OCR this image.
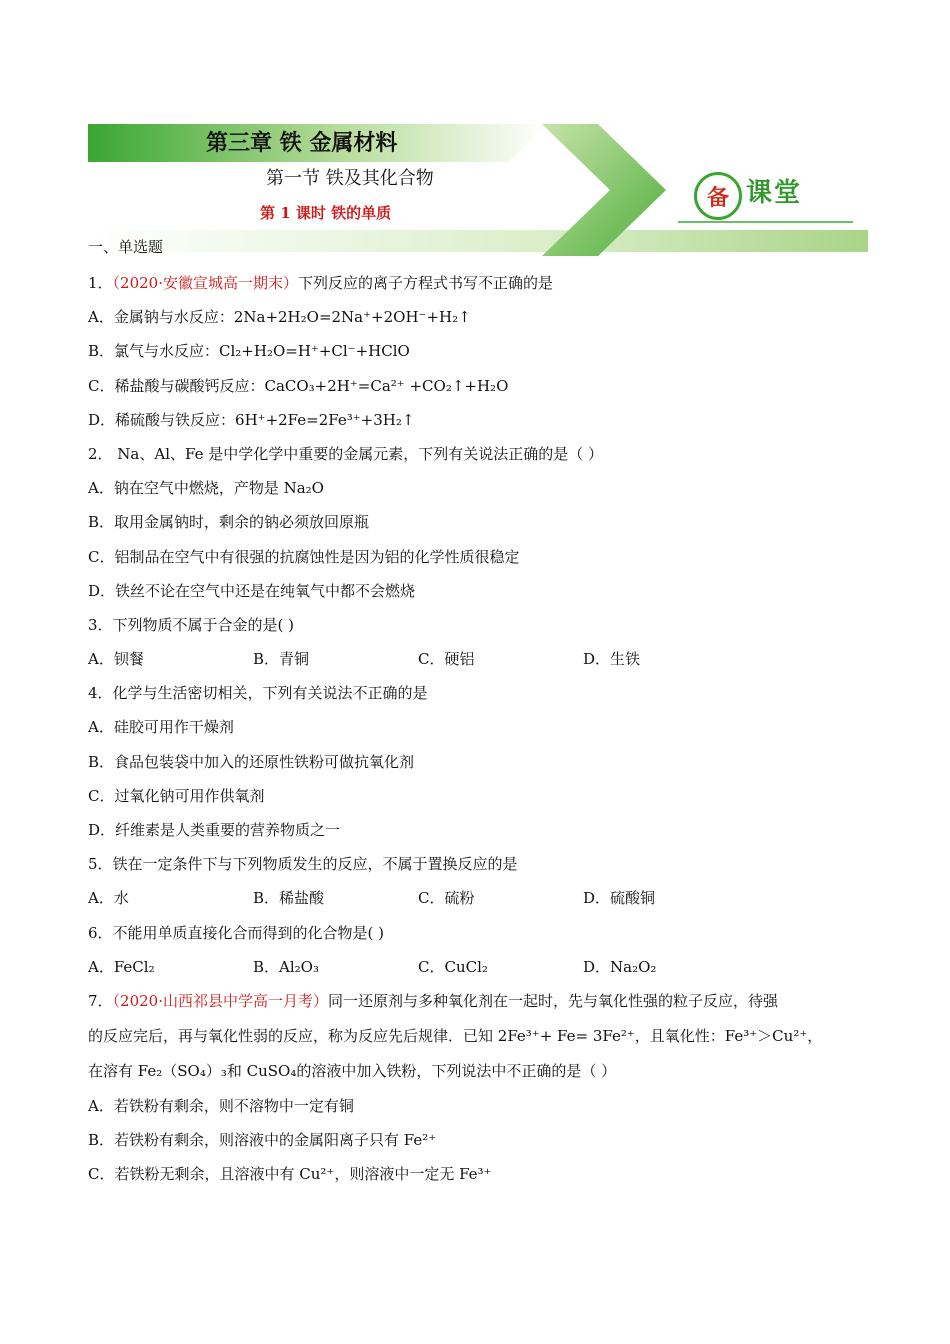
第三章 铁 金属材料
第一节 铁及其化合物
第 1 课时 铁的单质
备 课堂
一、单选题
1．（2020·安徽宣城高一期末）下列反应的离子方程式书写不正确的是
A．金属钠与水反应：2Na+2H₂O=2Na⁺+2OH⁻+H₂↑
B．氯气与水反应：Cl₂+H₂O=H⁺+Cl⁻+HClO
C．稀盐酸与碳酸钙反应：CaCO₃+2H⁺=Ca²⁺ +CO₂↑+H₂O
D．稀硫酸与铁反应：6H⁺+2Fe=2Fe³⁺+3H₂↑
2． Na、Al、Fe 是中学化学中重要的金属元素，下列有关说法正确的是（ ）
A．钠在空气中燃烧，产物是 Na₂O
B．取用金属钠时，剩余的钠必须放回原瓶
C．铝制品在空气中有很强的抗腐蚀性是因为铝的化学性质很稳定
D．铁丝不论在空气中还是在纯氧气中都不会燃烧
3．下列物质不属于合金的是( )
A．钡餐	B．青铜	C．硬铝	D．生铁
4．化学与生活密切相关，下列有关说法不正确的是
A．硅胶可用作干燥剂
B．食品包装袋中加入的还原性铁粉可做抗氧化剂
C．过氧化钠可用作供氧剂
D．纤维素是人类重要的营养物质之一
5．铁在一定条件下与下列物质发生的反应，不属于置换反应的是
A．水	B．稀盐酸	C．硫粉	D．硫酸铜
6．不能用单质直接化合而得到的化合物是( )
A．FeCl₂	B．Al₂O₃	C．CuCl₂	D．Na₂O₂
7．（2020·山西祁县中学高一月考）同一还原剂与多种氧化剂在一起时，先与氧化性强的粒子反应，待强
的反应完后，再与氧化性弱的反应，称为反应先后规律．已知 2Fe³⁺+ Fe= 3Fe²⁺，且氧化性：Fe³⁺＞Cu²⁺，
在溶有 Fe₂（SO₄）₃和 CuSO₄的溶液中加入铁粉，下列说法中不正确的是（ ）
A．若铁粉有剩余，则不溶物中一定有铜
B．若铁粉有剩余，则溶液中的金属阳离子只有 Fe²⁺
C．若铁粉无剩余，且溶液中有 Cu²⁺，则溶液中一定无 Fe³⁺
